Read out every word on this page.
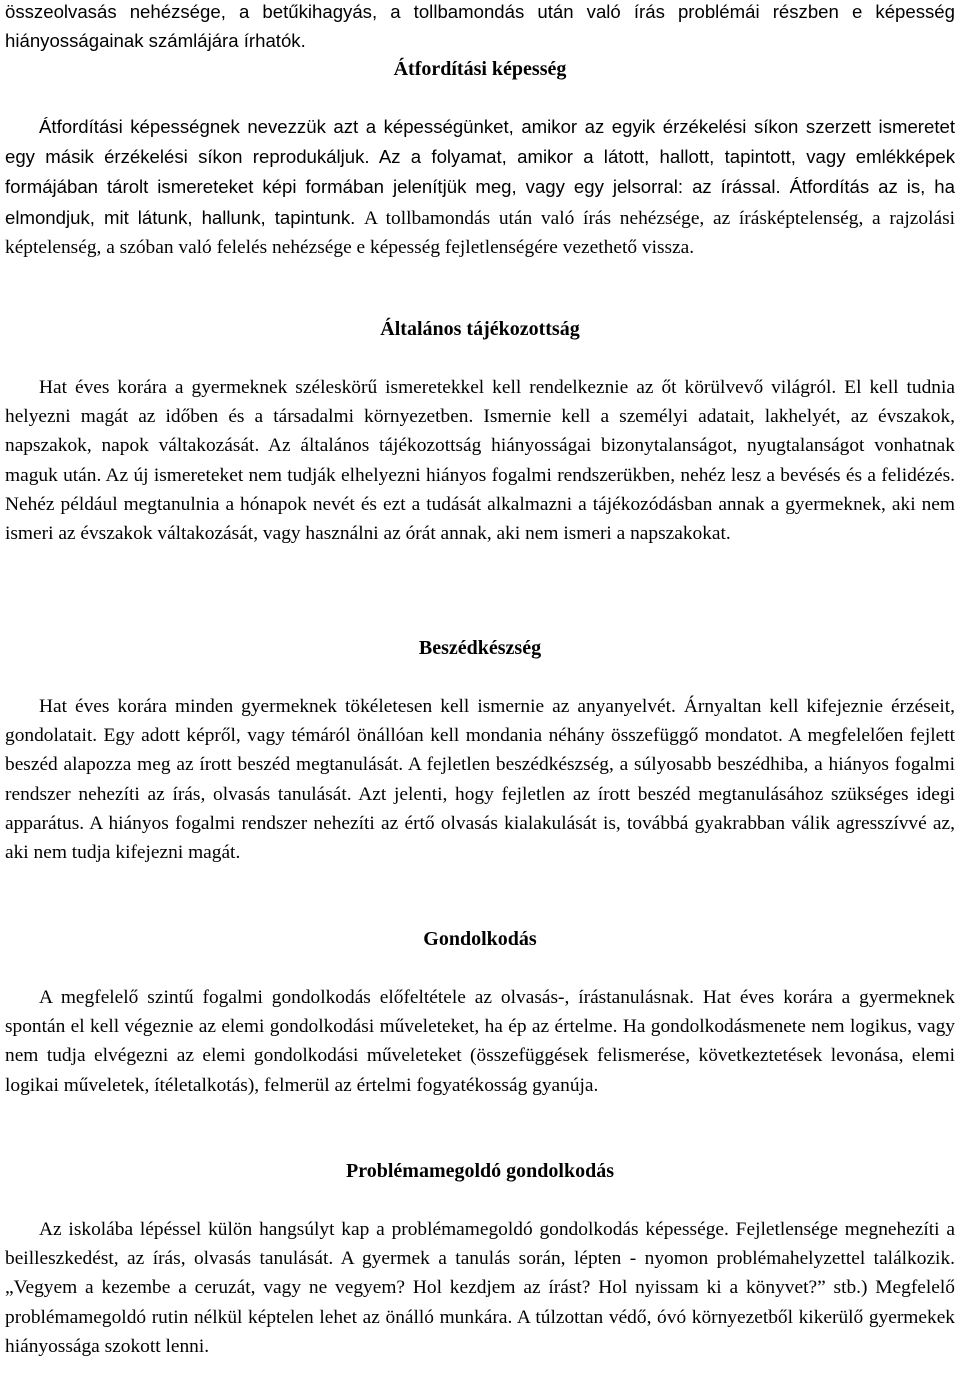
összeolvasás nehézsége, a betűkihagyás, a tollbamondás után való írás problémái részben e képesség hiányosságainak számlájára írhatók.

Átfordítási képesség

Átfordítási képességnek nevezzük azt a képességünket, amikor az egyik érzékelési síkon szerzett ismeretet egy másik érzékelési síkon reprodukáljuk. Az a folyamat, amikor a látott, hallott, tapintott, vagy emlékképek formájában tárolt ismereteket képi formában jelenítjük meg, vagy egy jelsorral: az írással. Átfordítás az is, ha elmondjuk, mit látunk, hallunk, tapintunk. A tollbamondás után való írás nehézsége, az írásképtelenség, a rajzolási képtelenség, a szóban való felelés nehézsége e képesség fejletlenségére vezethető vissza.

Általános tájékozottság

Hat éves korára a gyermeknek széleskörű ismeretekkel kell rendelkeznie az őt körülvevő világról. El kell tudnia helyezni magát az időben és a társadalmi környezetben. Ismernie kell a személyi adatait, lakhelyét, az évszakok, napszakok, napok váltakozását. Az általános tájékozottság hiányosságai bizonytalanságot, nyugtalanságot vonhatnak maguk után. Az új ismereteket nem tudják elhelyezni hiányos fogalmi rendszerükben, nehéz lesz a bevésés és a felidézés. Nehéz például megtanulnia a hónapok nevét és ezt a tudását alkalmazni a tájékozódásban annak a gyermeknek, aki nem ismeri az évszakok váltakozását, vagy használni az órát annak, aki nem ismeri a napszakokat.

Beszédkészség

Hat éves korára minden gyermeknek tökéletesen kell ismernie az anyanyelvét. Árnyaltan kell kifejeznie érzéseit, gondolatait. Egy adott képről, vagy témáról önállóan kell mondania néhány összefüggő mondatot. A megfelelően fejlett beszéd alapozza meg az írott beszéd megtanulását. A fejletlen beszédkészség, a súlyosabb beszédhiba, a hiányos fogalmi rendszer nehezíti az írás, olvasás tanulását. Azt jelenti, hogy fejletlen az írott beszéd megtanulásához szükséges idegi apparátus. A hiányos fogalmi rendszer nehezíti az értő olvasás kialakulását is, továbbá gyakrabban válik agresszívvé az, aki nem tudja kifejezni magát.

Gondolkodás

A megfelelő szintű fogalmi gondolkodás előfeltétele az olvasás-, írástanulásnak. Hat éves korára a gyermeknek spontán el kell végeznie az elemi gondolkodási műveleteket, ha ép az értelme. Ha gondolkodásmenete nem logikus, vagy nem tudja elvégezni az elemi gondolkodási műveleteket (összefüggések felismerése, következtetések levonása, elemi logikai műveletek, ítéletalkotás), felmerül az értelmi fogyatékosság gyanúja.

Problémamegoldó gondolkodás

Az iskolába lépéssel külön hangsúlyt kap a problémamegoldó gondolkodás képessége. Fejletlensége megnehezíti a beilleszkedést, az írás, olvasás tanulását. A gyermek a tanulás során, lépten - nyomon problémahelyzettel találkozik. „Vegyem a kezembe a ceruzát, vagy ne vegyem? Hol kezdjem az írást? Hol nyissam ki a könyvet?” stb.) Megfelelő problémamegoldó rutin nélkül képtelen lehet az önálló munkára. A túlzottan védő, óvó környezetből kikerülő gyermekek hiányossága szokott lenni.
